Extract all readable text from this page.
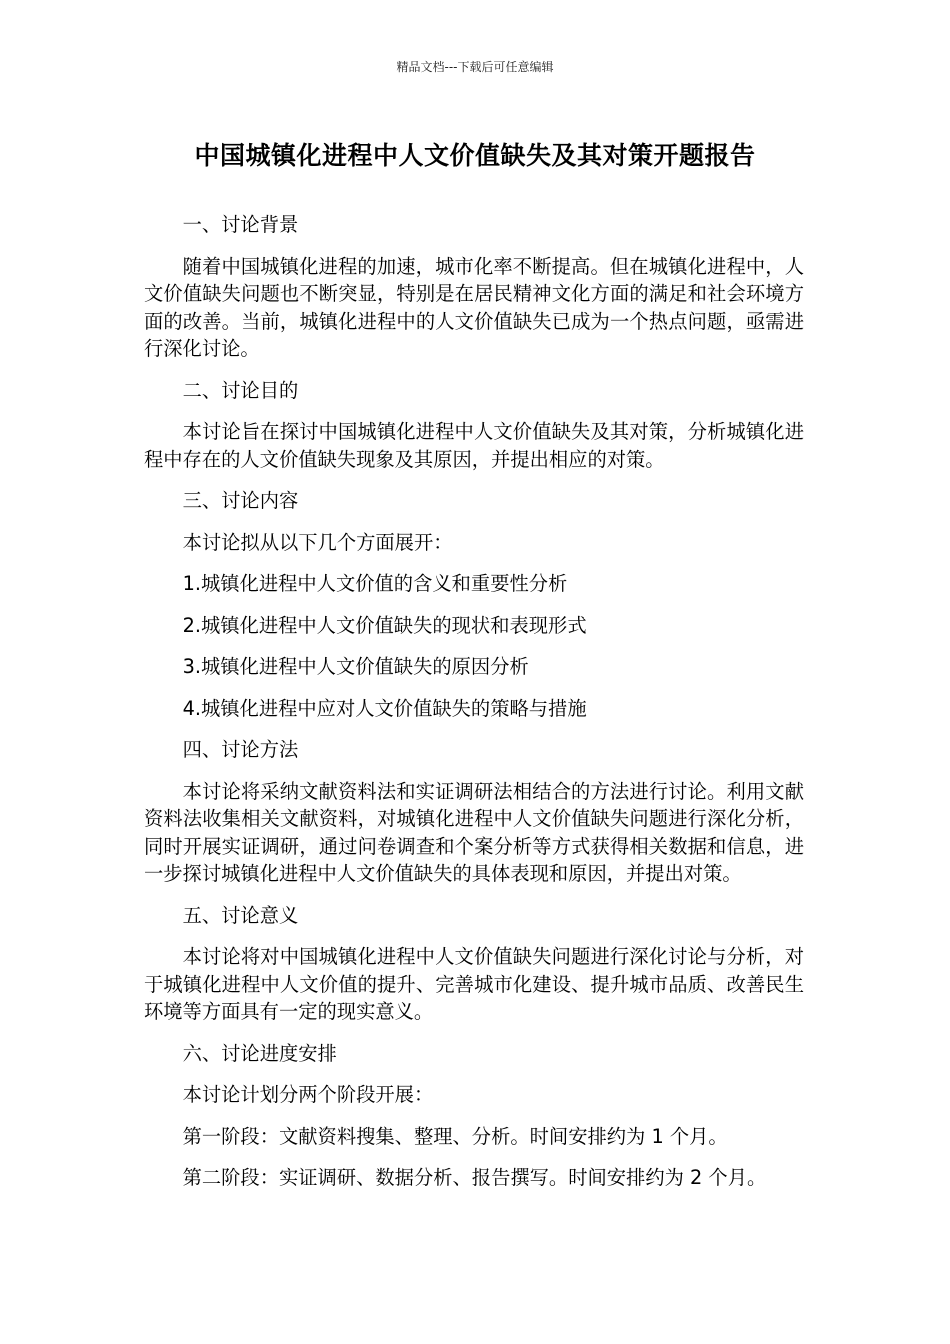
精品文档---下载后可任意编辑
中国城镇化进程中人文价值缺失及其对策开题报告

一、讨论背景

随着中国城镇化进程的加速，城市化率不断提高。但在城镇化进程中，人文价值缺失问题也不断突显，特别是在居民精神文化方面的满足和社会环境方面的改善。当前，城镇化进程中的人文价值缺失已成为一个热点问题，亟需进行深化讨论。

二、讨论目的

本讨论旨在探讨中国城镇化进程中人文价值缺失及其对策，分析城镇化进程中存在的人文价值缺失现象及其原因，并提出相应的对策。

三、讨论内容

本讨论拟从以下几个方面展开：

1.城镇化进程中人文价值的含义和重要性分析

2.城镇化进程中人文价值缺失的现状和表现形式

3.城镇化进程中人文价值缺失的原因分析

4.城镇化进程中应对人文价值缺失的策略与措施

四、讨论方法

本讨论将采纳文献资料法和实证调研法相结合的方法进行讨论。利用文献资料法收集相关文献资料，对城镇化进程中人文价值缺失问题进行深化分析，同时开展实证调研，通过问卷调查和个案分析等方式获得相关数据和信息，进一步探讨城镇化进程中人文价值缺失的具体表现和原因，并提出对策。

五、讨论意义

本讨论将对中国城镇化进程中人文价值缺失问题进行深化讨论与分析，对于城镇化进程中人文价值的提升、完善城市化建设、提升城市品质、改善民生环境等方面具有一定的现实意义。

六、讨论进度安排

本讨论计划分两个阶段开展：

第一阶段：文献资料搜集、整理、分析。时间安排约为 1 个月。

第二阶段：实证调研、数据分析、报告撰写。时间安排约为 2 个月。
